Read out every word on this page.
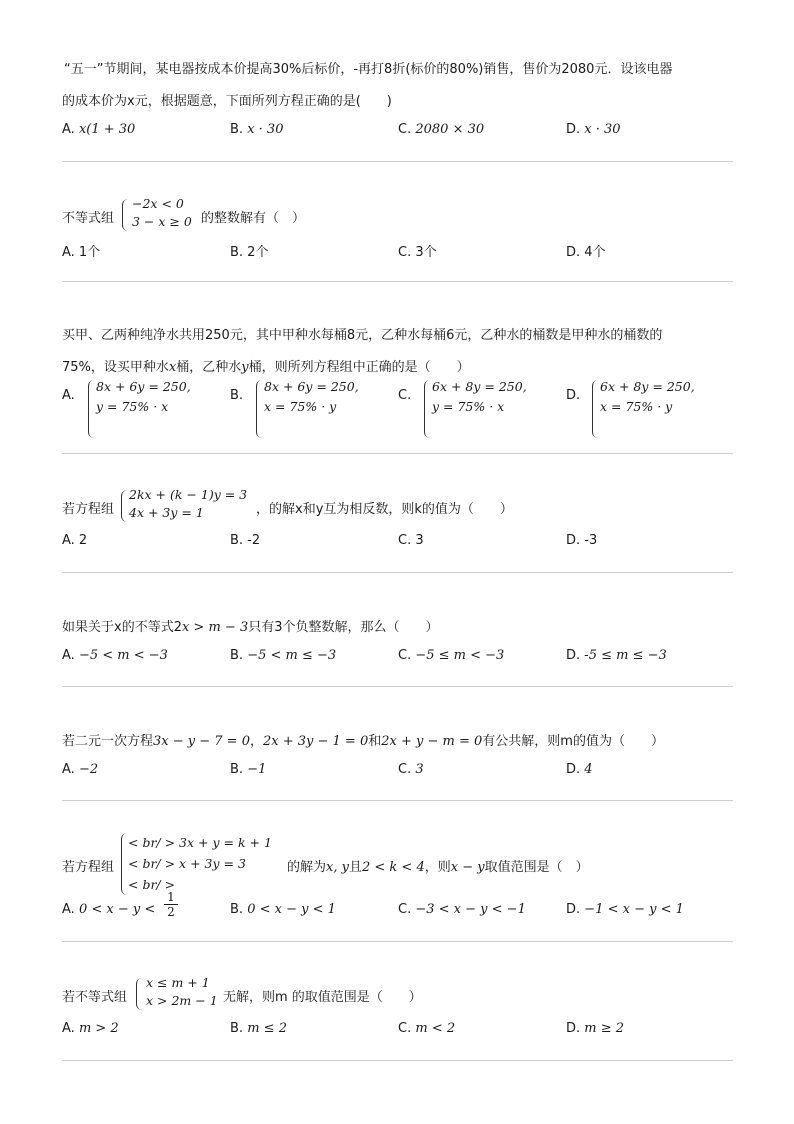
“五一”节期间，某电器按成本价提高30%后标价，-再打8折(标价的80%)销售，售价为2080元．设该电器
的成本价为x元，根据题意，下面所列方程正确的是(　　)
A. x(1 + 30	B. x · 30	C. 2080 × 30	D. x · 30
不等式组
−2x < 0
3 − x ≥ 0 的整数解有（　）
A. 1个	B. 2个	C. 3个	D. 4个
买甲、乙两种纯净水共用250元，其中甲种水每桶8元，乙种水每桶6元，乙种水的桶数是甲种水的桶数的
75%，设买甲种水x桶，乙种水y桶，则所列方程组中正确的是（　　）
A.
8x + 6y = 250,
y = 75% · x
B.
8x + 6y = 250,
x = 75% · y
C.
6x + 8y = 250,
y = 75% · x
D.
6x + 8y = 250,
x = 75% · y
若方程组
2kx + (k − 1)y = 3
4x + 3y = 1	，的解x和y互为相反数，则k的值为（　　）
A. 2	B. -2	C. 3	D. -3
如果关于x的不等式2x > m − 3只有3个负整数解，那么（　　）
A. −5 < m < −3	B. −5 < m ≤ −3	C. −5 ≤ m < −3	D. -5 ≤ m ≤ −3
若二元一次方程3x − y − 7 = 0，2x + 3y − 1 = 0和2x + y − m = 0有公共解，则m的值为（　　）
A. −2	B. −1	C. 3	D. 4
若方程组
< br/ > 3x + y = k + 1
< br/ > x + 3y = 3
< br/ >
的解为x, y且2 < k < 4，则x − y取值范围是（　）
A. $0 < x - y < \frac{1}{2}$	B. 0 < x − y < 1	C. −3 < x − y < −1	D. −1 < x − y < 1
若不等式组
x ≤ m + 1
x > 2m − 1 无解，则m 的取值范围是（　　）
A. m > 2	B. m ≤ 2	C. m < 2	D. m ≥ 2
